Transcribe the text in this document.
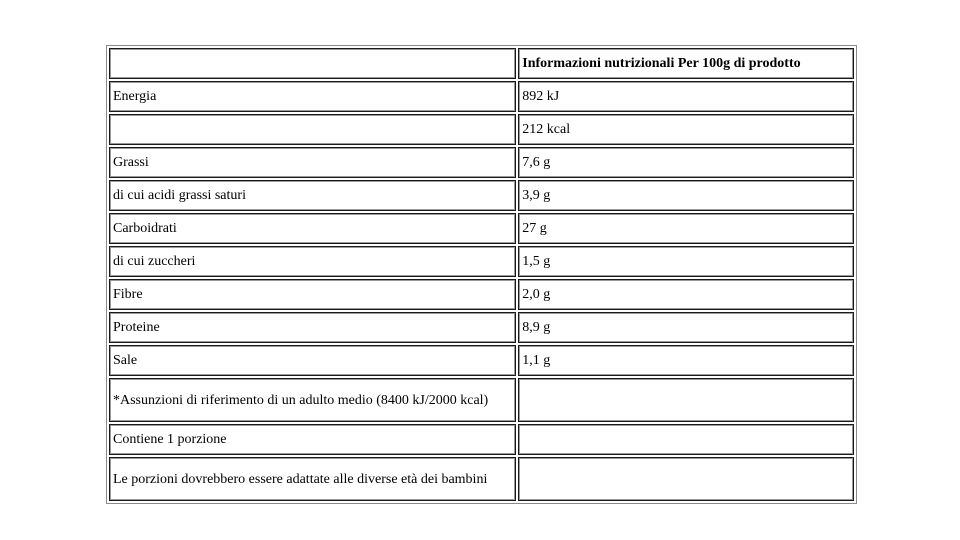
	Informazioni nutrizionali Per 100g di prodotto
Energia	892 kJ
	212 kcal
Grassi	7,6 g
di cui acidi grassi saturi	3,9 g
Carboidrati	27 g
di cui zuccheri	1,5 g
Fibre	2,0 g
Proteine	8,9 g
Sale	1,1 g
*Assunzioni di riferimento di un adulto medio (8400 kJ/2000 kcal)	
Contiene 1 porzione	
Le porzioni dovrebbero essere adattate alle diverse età dei bambini	
